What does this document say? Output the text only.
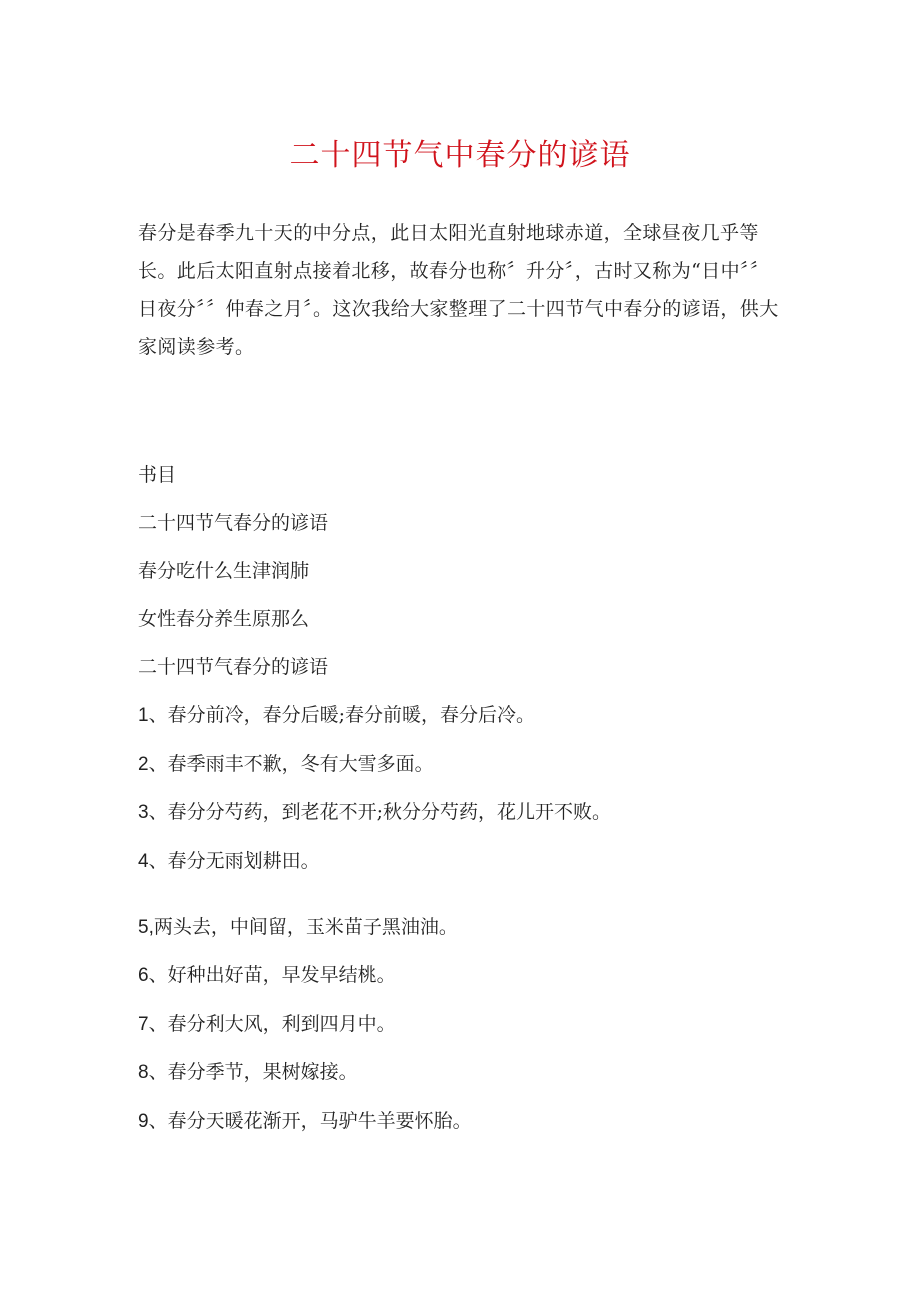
二十四节气中春分的谚语
春分是春季九十天的中分点，此日太阳光直射地球赤道，全球昼夜几乎等长。此后太阳直射点接着北移，故春分也称〞升分〞，古时又称为“日中〞〞日夜分〞〞仲春之月〞。这次我给大家整理了二十四节气中春分的谚语，供大家阅读参考。
书目
二十四节气春分的谚语
春分吃什么生津润肺
女性春分养生原那么
二十四节气春分的谚语
1、春分前冷，春分后暖;春分前暖，春分后冷。
2、春季雨丰不歉，冬有大雪多面。
3、春分分芍药，到老花不开;秋分分芍药，花儿开不败。
4、春分无雨划耕田。
5,两头去，中间留，玉米苗子黑油油。
6、好种出好苗，早发早结桃。
7、春分利大风，利到四月中。
8、春分季节，果树嫁接。
9、春分天暖花渐开，马驴牛羊要怀胎。
